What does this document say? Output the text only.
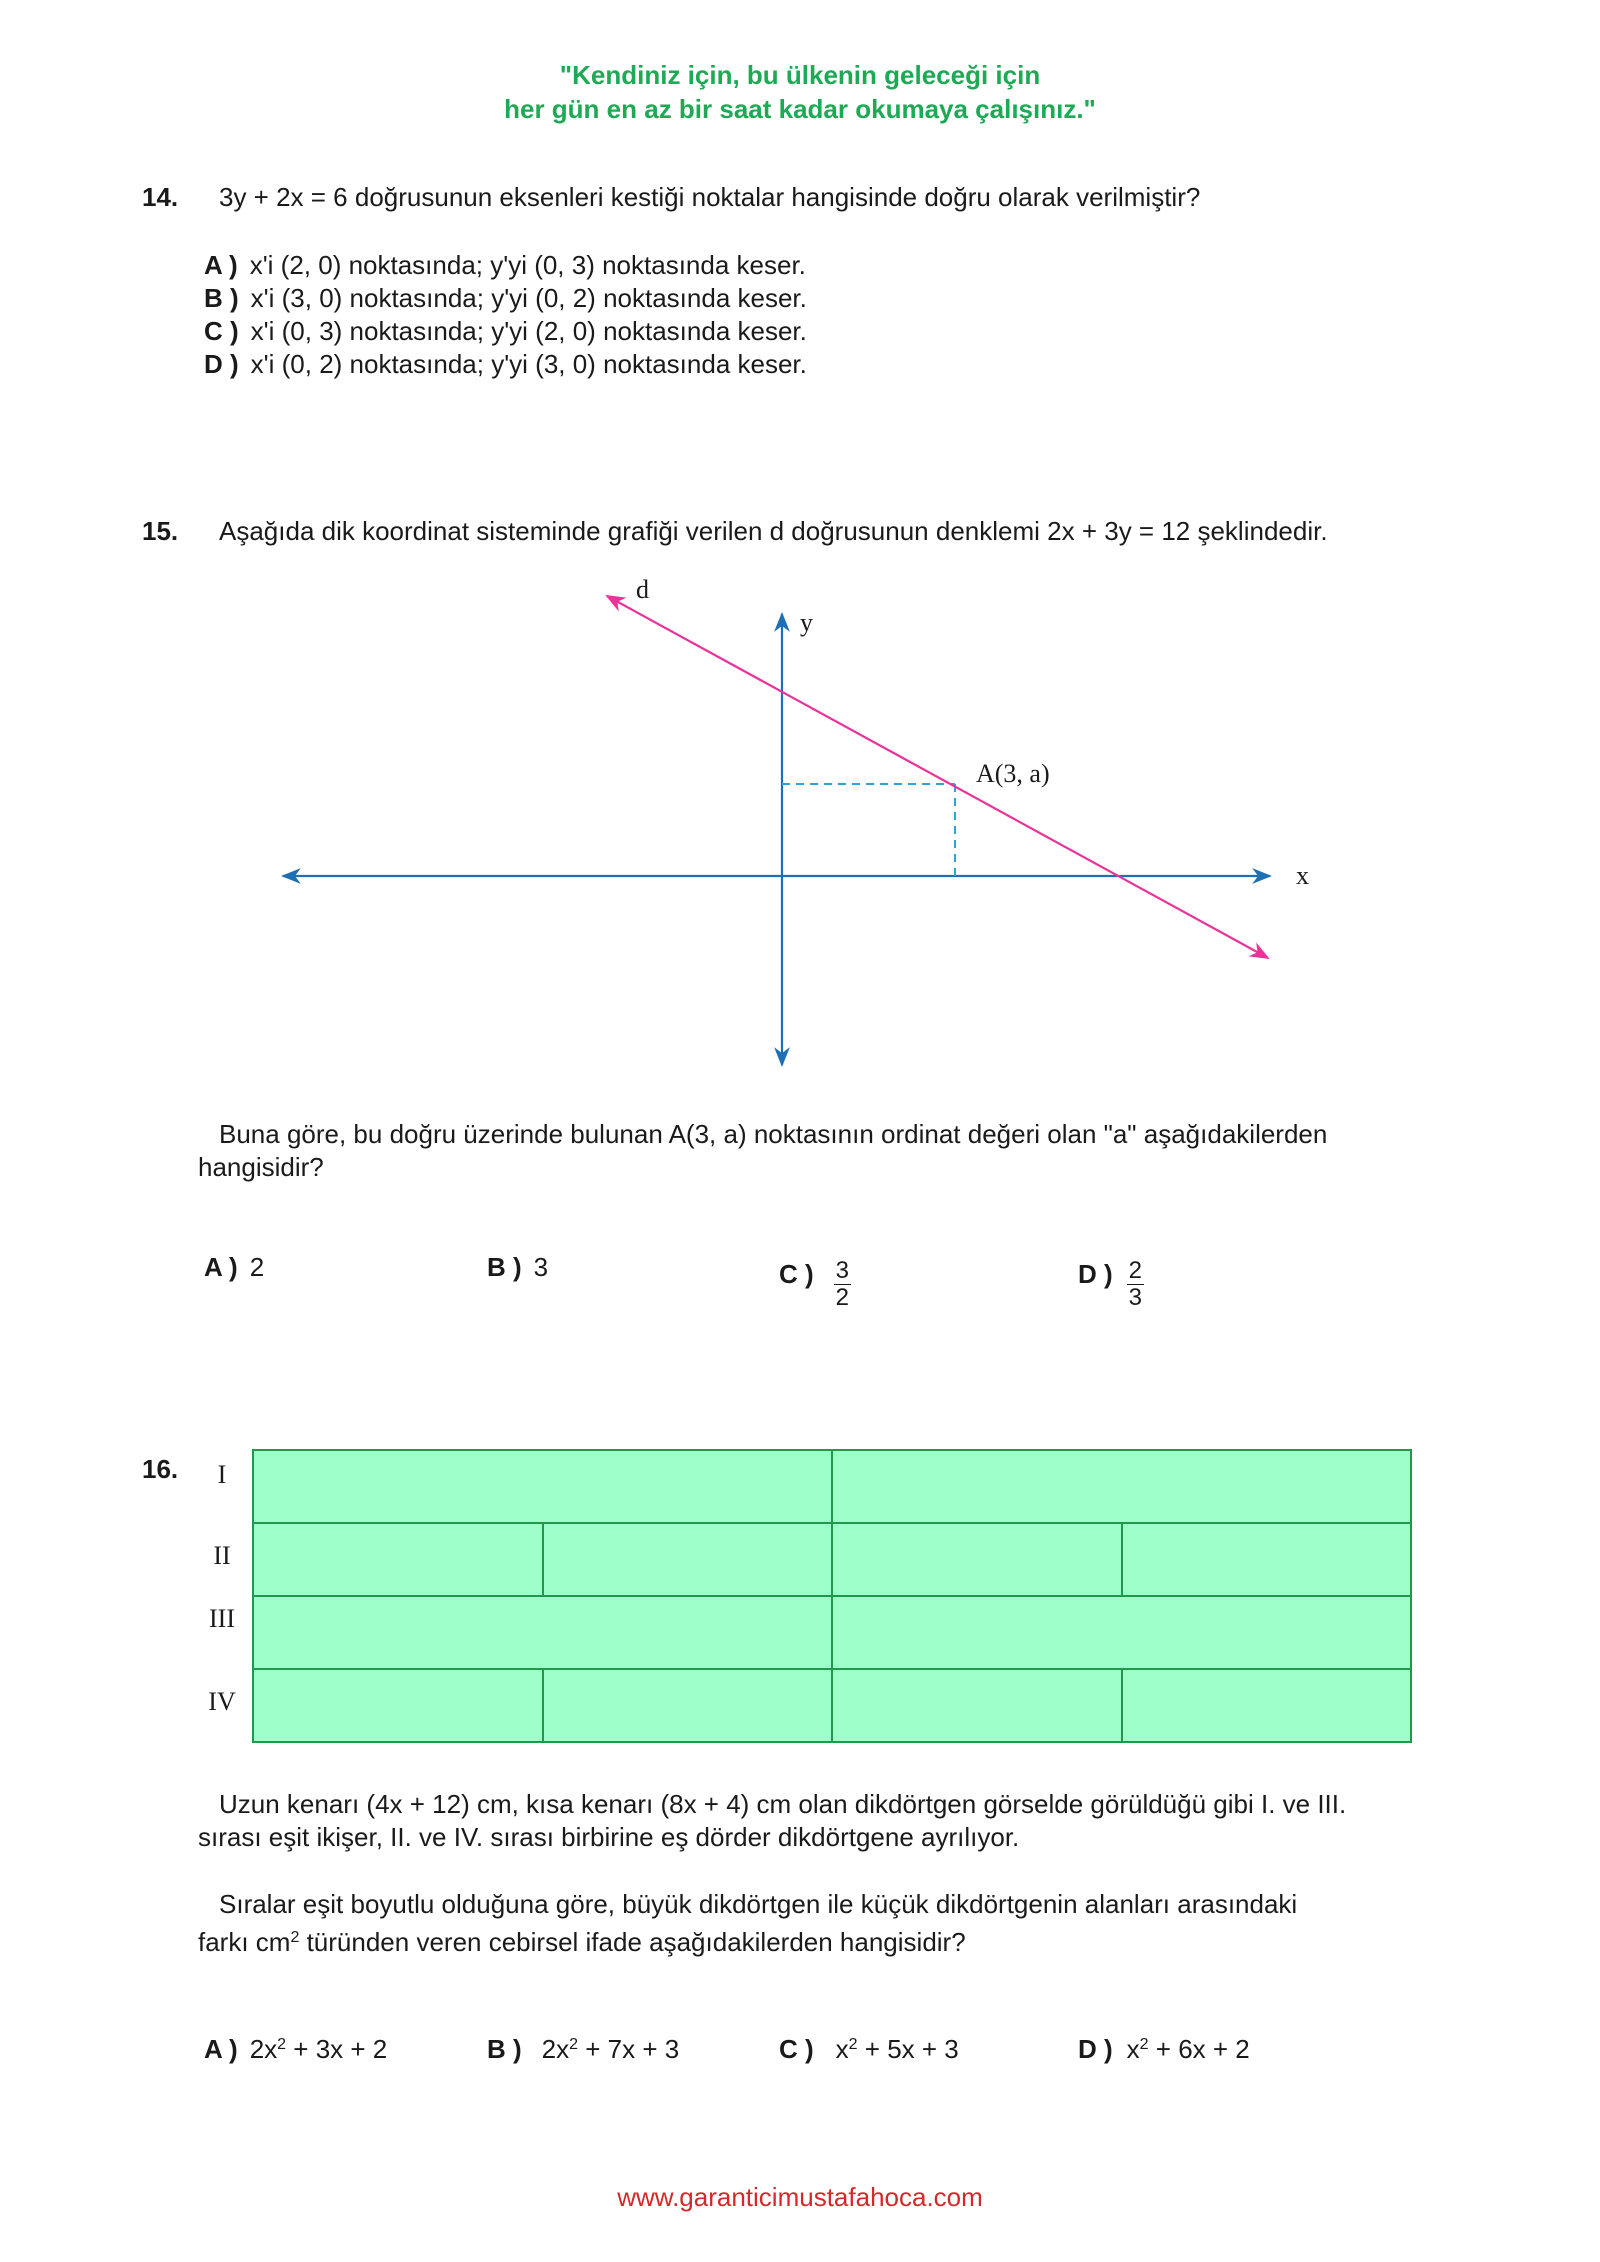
"Kendiniz için, bu ülkenin geleceği için
her gün en az bir saat kadar okumaya çalışınız."
14. 3y + 2x = 6 doğrusunun eksenleri kestiği noktalar hangisinde doğru olarak verilmiştir?
A ) x'i (2, 0) noktasında; y'yi (0, 3) noktasında keser.
B ) x'i (3, 0) noktasında; y'yi (0, 2) noktasında keser.
C ) x'i (0, 3) noktasında; y'yi (2, 0) noktasında keser.
D ) x'i (0, 2) noktasında; y'yi (3, 0) noktasında keser.
15. Aşağıda dik koordinat sisteminde grafiği verilen d doğrusunun denklemi 2x + 3y = 12 şeklindedir.
d
y
x
A(3, a)
Buna göre, bu doğru üzerinde bulunan A(3, a) noktasının ordinat değeri olan "a" aşağıdakilerden
hangisidir?
A ) 2	B ) 3	C ) $\frac{3}{2}$	D ) $\frac{2}{3}$
16. I
II
III
IV
Uzun kenarı (4x + 12) cm, kısa kenarı (8x + 4) cm olan dikdörtgen görselde görüldüğü gibi I. ve III.
sırası eşit ikişer, II. ve IV. sırası birbirine eş dörder dikdörtgene ayrılıyor.
Sıralar eşit boyutlu olduğuna göre, büyük dikdörtgen ile küçük dikdörtgenin alanları arasındaki
farkı $cm^2$ türünden veren cebirsel ifade aşağıdakilerden hangisidir?
A ) $2x^2 + 3x + 2$	B ) $2x^2 + 7x + 3$	C ) $x^2 + 5x + 3$	D ) $x^2 + 6x + 2$
www.garanticimustafahoca.com
